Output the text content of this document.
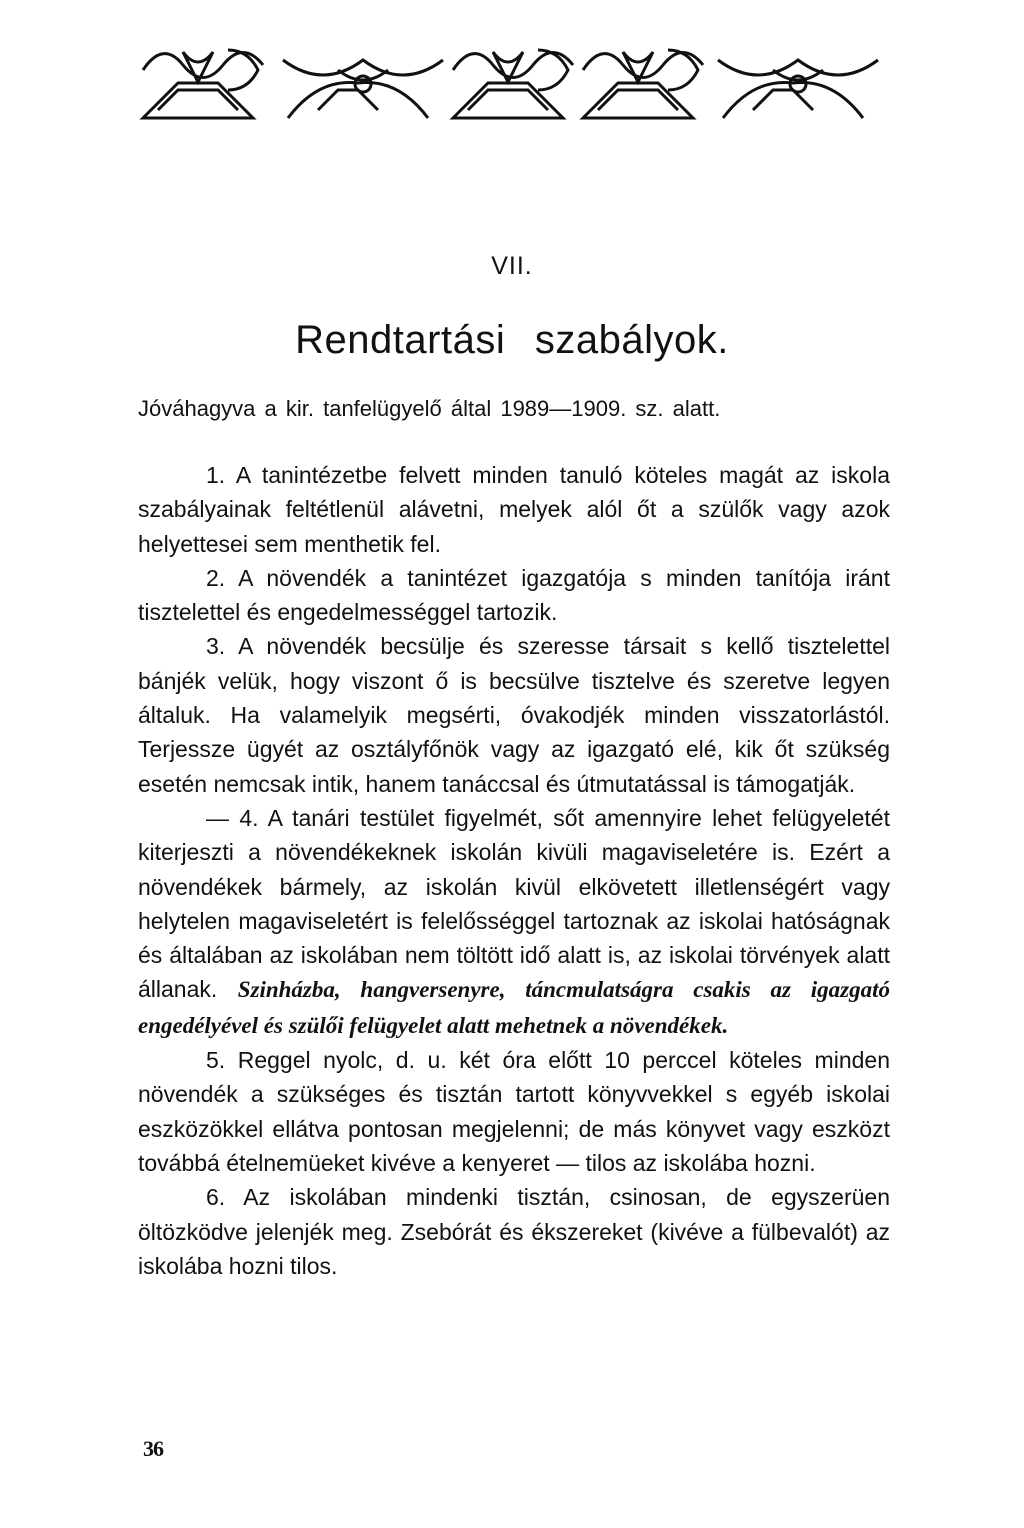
VII.
Rendtartási szabályok.
Jóváhagyva a kir. tanfelügyelő által 1989—1909. sz. alatt.

1. A tanintézetbe felvett minden tanuló köteles magát az iskola szabályainak feltétlenül alávetni, melyek alól őt a szülők vagy azok helyettesei sem menthetik fel.

2. A növendék a tanintézet igazgatója s minden tanítója iránt tisztelettel és engedelmességgel tartozik.

3. A növendék becsülje és szeresse társait s kellő tisztelettel bánjék velük, hogy viszont ő is becsülve tisztelve és szeretve legyen általuk. Ha valamelyik megsérti, óvakodjék minden visszatorlástól. Terjessze ügyét az osztályfőnök vagy az igazgató elé, kik őt szükség esetén nemcsak intik, hanem tanáccsal és útmutatással is támogatják.

— 4. A tanári testület figyelmét, sőt amennyire lehet felügyeletét kiterjeszti a növendékeknek iskolán kivüli magaviseletére is. Ezért a növendékek bármely, az iskolán kivül elkövetett illetlenségért vagy helytelen magaviseletért is felelősséggel tartoznak az iskolai hatóságnak és általában az iskolában nem töltött idő alatt is, az iskolai törvények alatt állanak. Szinházba, hangversenyre, táncmulatságra csakis az igazgató engedélyével és szülői felügyelet alatt mehetnek a növendékek.

5. Reggel nyolc, d. u. két óra előtt 10 perccel köteles minden növendék a szükséges és tisztán tartott könyvvekkel s egyéb iskolai eszközökkel ellátva pontosan megjelenni; de más könyvet vagy eszközt továbbá ételnemüeket kivéve a kenyeret — tilos az iskolába hozni.

6. Az iskolában mindenki tisztán, csinosan, de egyszerüen öltözködve jelenjék meg. Zsebórát és ékszereket (kivéve a fülbevalót) az iskolába hozni tilos.

36
